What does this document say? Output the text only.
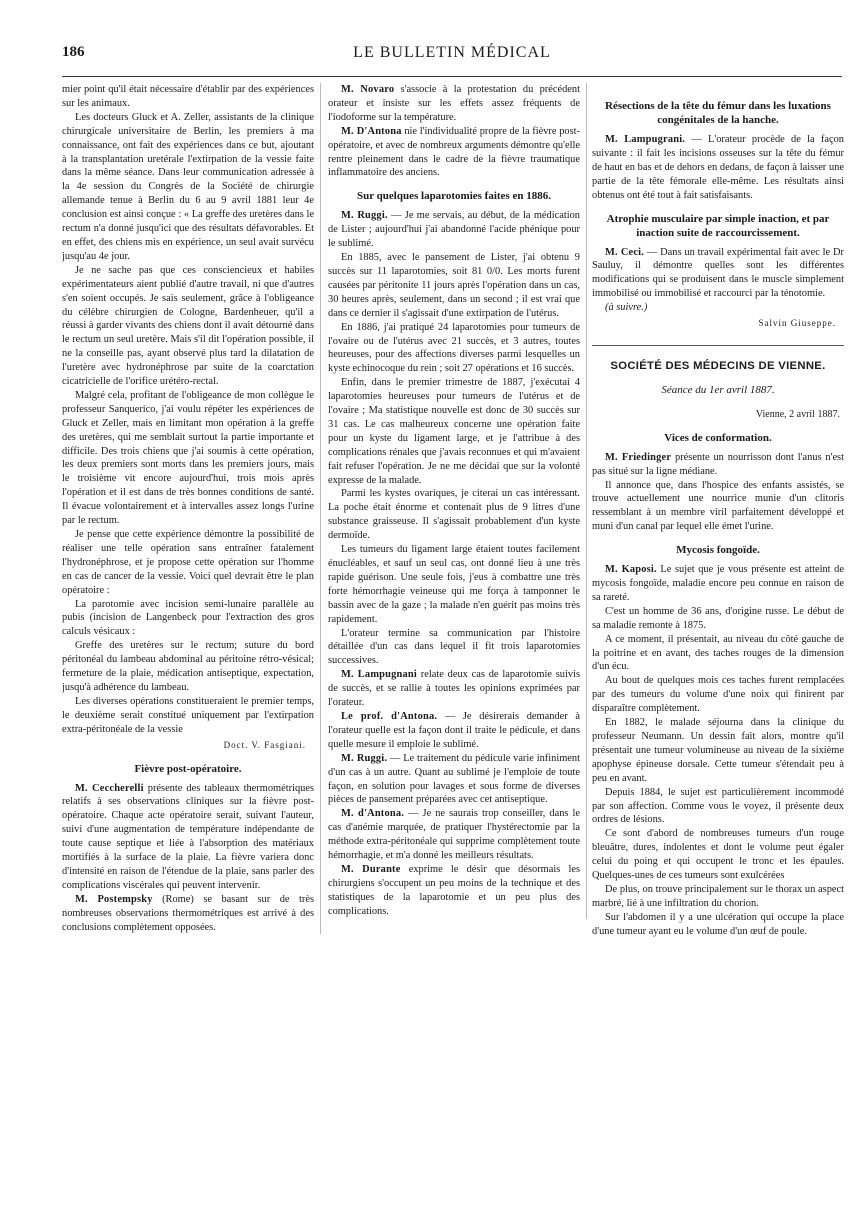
186	LE BULLETIN MÉDICAL

mier point qu'il était nécessaire d'établir par des expériences sur les animaux.

Les docteurs Gluck et A. Zeller, assistants de la clinique chirurgicale universitaire de Berlin, les premiers à ma connaissance, ont fait des expériences dans ce but, ajoutant à la transplantation uretérale l'extirpation de la vessie faite dans la même séance. Dans leur communication adressée à la 4e session du Congrès de la Société de chirurgie allemande tenue à Berlin du 6 au 9 avril 1881 leur 4e conclusion est ainsi conçue : « La greffe des uretères dans le rectum n'a donné jusqu'ici que des résultats défavorables. Et en effet, des chiens mis en expérience, un seul avait survécu jusqu'au 4e jour.

Je ne sache pas que ces consciencieux et habiles expérimentateurs aient publié d'autre travail, ni que d'autres s'en soient occupés. Je sais seulement, grâce à l'obligeance du célèbre chirurgien de Cologne, Bardenheuer, qu'il a réussi à garder vivants des chiens dont il avait détourné dans le rectum un seul uretère. Mais s'il dit l'opération possible, il ne la conseille pas, ayant observé plus tard la dilatation de l'uretère avec hydronéphrose par suite de la coarctation cicatricielle de l'orifice urétéro-rectal.

Malgré cela, profitant de l'obligeance de mon collègue le professeur Sanquerico, j'ai voulu répéter les expériences de Gluck et Zeller, mais en limitant mon opération à la greffe des uretères, qui me semblait surtout la partie importante et difficile. Des trois chiens que j'ai soumis à cette opération, les deux premiers sont morts dans les premiers jours, mais le troisième vit encore aujourd'hui, trois mois après l'opération et il est dans de très bonnes conditions de santé. Il évacue volontairement et à intervalles assez longs l'urine par le rectum.

Je pense que cette expérience démontre la possibilité de réaliser une telle opération sans entraîner fatalement l'hydronéphrose, et je propose cette opération sur l'homme en cas de cancer de la vessie. Voici quel devrait être le plan opératoire :

La parotomie avec incision semi-lunaire parallèle au pubis (incision de Langenbeck pour l'extraction des gros calculs vésicaux :

Greffe des uretères sur le rectum; suture du bord péritonéal du lambeau abdominal au péritoine rétro-vésical; fermeture de la plaie, médication antiseptique, expectation, jusqu'à adhérence du lambeau.

Les diverses opérations constitueraient le premier temps, le deuxième serait constitué uniquement par l'extirpation extra-péritonéale de la vessie

Doct. V. Fasgiani.
Fièvre post-opératoire.

M. Ceccherelli présente des tableaux thermométriques relatifs à ses observations cliniques sur la fièvre post-opératoire. Chaque acte opératoire serait, suivant l'auteur, suivi d'une augmentation de température indépendante de toute cause septique et liée à l'absorption des matériaux mortifiés à la surface de la plaie. La fièvre varierа donc d'intensité en raison de l'étendue de la plaie, sans parler des complications viscérales qui peuvent intervenir.

M. Postempsky (Rome) se basant sur de très nombreuses observations thermométriques est arrivé à des conclusions complètement opposées.

M. Novaro s'associe à la protestation du précédent orateur et insiste sur les effets assez fréquents de l'iodoforme sur la température.

M. D'Antona nie l'individualité propre de la fièvre post-opératoire, et avec de nombreux arguments démontre qu'elle rentre pleinement dans le cadre de la fièvre traumatique inflammatoire des anciens.

Sur quelques laparotomies faites en 1886.

M. Ruggi. — Je me servais, au début, de la médication de Lister ; aujourd'hui j'ai abandonné l'acide phénique pour le sublimé.

En 1885, avec le pansement de Lister, j'ai obtenu 9 succès sur 11 laparotomies, soit 81 0/0. Les morts furent causées par péritonite 11 jours après l'opération dans un cas, 30 heures après, seulement, dans un second ; il est vrai que dans ce dernier il s'agissait d'une extirpation de l'utérus.

En 1886, j'ai pratiqué 24 laparotomies pour tumeurs de l'ovaire ou de l'utérus avec 21 succès, et 3 autres, toutes heureuses, pour des affections diverses parmi lesquelles un kyste echinocoque du rein ; soit 27 opérations et 16 succès.

Enfin, dans le premier trimestre de 1887, j'exécutai 4 laparotomies heureuses pour tumeurs de l'utérus et de l'ovaire ; Ma statistique nouvelle est donc de 30 succès sur 31 cas. Le cas malheureux concerne une opération faite pour un kyste du ligament large, et je l'attribue à des complications rénales que j'avais reconnues et qui m'avaient fait refuser l'opération. Je ne me décidai que sur la volonté expresse de la malade.

Parmi les kystes ovariques, je citerai un cas intéressant. La poche était énorme et contenait plus de 9 litres d'une substance graisseuse. Il s'agissait probablement d'un kyste dermoïde.

Les tumeurs du ligament large étaient toutes facilement énucléables, et sauf un seul cas, ont donné lieu à une très rapide guérison. Une seule fois, j'eus à combattre une très forte hémorrhagie veineuse qui me força à tamponner le bassin avec de la gaze ; la malade n'en guérit pas moins très rapidement.

L'orateur termine sa communication par l'histoire détaillée d'un cas dans lequel il fit trois laparotomies successives.

M. Lampugnani relate deux cas de laparotomie suivis de succès, et se rallie à toutes les opinions exprimées par l'orateur.

Le prof. d'Antona. — Je désirerais demander à l'orateur quelle est la façon dont il traite le pédicule, et dans quelle mesure il emploie le sublimé.

M. Ruggi. — Le traitement du pédicule varie infiniment d'un cas à un autre. Quant au sublimé je l'emploie de toute façon, en solution pour lavages et sous forme de diverses pièces de pansement préparées avec cet antiseptique.

M. d'Antona. — Je ne saurais trop conseiller, dans le cas d'anémie marquée, de pratiquer l'hystérectomie par la méthode extra-péritonéale qui supprime complètement toute hémorrhagie, et m'a donné les meilleurs résultats.

M. Durante exprime le désir que désormais les chirurgiens s'occupent un peu moins de la technique et des statistiques de la laparotomie et un peu plus des complications.

Résections de la tête du fémur dans les luxations congénitales de la hanche.

M. Lampugrani. — L'orateur procède de la façon suivante : il fait les incisions osseuses sur la tête du fémur de haut en bas et de dehors en dedans, de façon à laisser une partie de la tête fémorale elle-même. Les résultats ainsi obtenus ont été tout à fait satisfaisants.

Atrophie musculaire par simple inaction, et par inaction suite de raccourcissement.

M. Ceci. — Dans un travail expérimental fait avec le Dr Sauluy, il démontre quelles sont les différentes modifications qui se produisent dans le muscle simplement immobilisé ou immobilisé et raccourci par la ténotomie.

(à suivre.)

Salvin Giuseppe.
SOCIÉTÉ DES MÉDECINS DE VIENNE.
Séance du 1er avril 1887.
Vienne, 2 avril 1887.
Vices de conformation.

M. Friedinger présente un nourrisson dont l'anus n'est pas situé sur la ligne médiane.

Il annonce que, dans l'hospice des enfants assistés, se trouve actuellement une nourrice munie d'un clitoris ressemblant à un membre viril parfaitement développé et muni d'un canal par lequel elle émet l'urine.

Mycosis fongoïde.

M. Kaposi. Le sujet que je vous présente est atteint de mycosis fongoïde, maladie encore peu connue en raison de sa rareté.

C'est un homme de 36 ans, d'origine russe. Le début de sa maladie remonte à 1875.

A ce moment, il présentait, au niveau du côté gauche de la poitrine et en avant, des taches rouges de la dimension d'un écu.

Au bout de quelques mois ces taches furent remplacées par des tumeurs du volume d'une noix qui finirent par disparaître complètement.

En 1882, le malade séjourna dans la clinique du professeur Neumann. Un dessin fait alors, montre qu'il présentait une tumeur volumineuse au niveau de la sixième apophyse épineuse dorsale. Cette tumeur s'étendait peu à peu en avant.

Depuis 1884, le sujet est particulièrement incommodé par son affection. Comme vous le voyez, il présente deux ordres de lésions.

Ce sont d'abord de nombreuses tumeurs d'un rouge bleuâtre, dures, indolentes et dont le volume peut égaler celui du poing et qui occupent le tronc et les épaules. Quelques-unes de ces tumeurs sont exulcérées

De plus, on trouve principalement sur le thorax un aspect marbré, lié à une infiltration du chorion.

Sur l'abdomen il y a une ulcération qui occupe la place d'une tumeur ayant eu le volume d'un œuf de poule.
